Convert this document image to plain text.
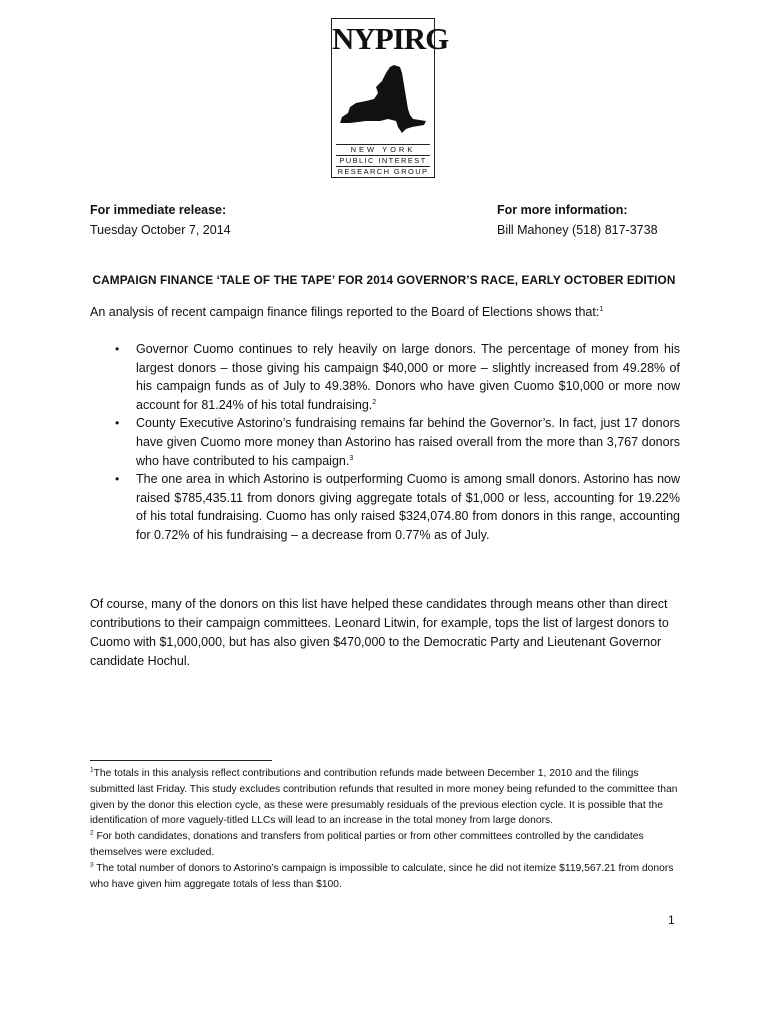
NYPIRG
NEW YORK
PUBLIC INTEREST
RESEARCH GROUP
For immediate release:
Tuesday October 7, 2014
For more information:
Bill Mahoney (518) 817-3738
CAMPAIGN FINANCE ‘TALE OF THE TAPE’ FOR 2014 GOVERNOR’S RACE, EARLY OCTOBER EDITION
An analysis of recent campaign finance filings reported to the Board of Elections shows that:$^1$
• Governor Cuomo continues to rely heavily on large donors. The percentage of money from his largest donors – those giving his campaign $40,000 or more – slightly increased from 49.28% of his campaign funds as of July to 49.38%. Donors who have given Cuomo $10,000 or more now account for 81.24% of his total fundraising.$^2$
• County Executive Astorino’s fundraising remains far behind the Governor’s. In fact, just 17 donors have given Cuomo more money than Astorino has raised overall from the more than 3,767 donors who have contributed to his campaign.$^3$
• The one area in which Astorino is outperforming Cuomo is among small donors. Astorino has now raised $785,435.11 from donors giving aggregate totals of $1,000 or less, accounting for 19.22% of his total fundraising. Cuomo has only raised $324,074.80 from donors in this range, accounting for 0.72% of his fundraising – a decrease from 0.77% as of July.
Of course, many of the donors on this list have helped these candidates through means other than direct contributions to their campaign committees. Leonard Litwin, for example, tops the list of largest donors to Cuomo with $1,000,000, but has also given $470,000 to the Democratic Party and Lieutenant Governor candidate Hochul.

$^1$The totals in this analysis reflect contributions and contribution refunds made between December 1, 2010 and the filings submitted last Friday. This study excludes contribution refunds that resulted in more money being refunded to the committee than given by the donor this election cycle, as these were presumably residuals of the previous election cycle. It is possible that the identification of more vaguely-titled LLCs will lead to an increase in the total money from large donors.

$^2$ For both candidates, donations and transfers from political parties or from other committees controlled by the candidates themselves were excluded.

$^3$ The total number of donors to Astorino’s campaign is impossible to calculate, since he did not itemize $119,567.21 from donors who have given him aggregate totals of less than $100.

1
